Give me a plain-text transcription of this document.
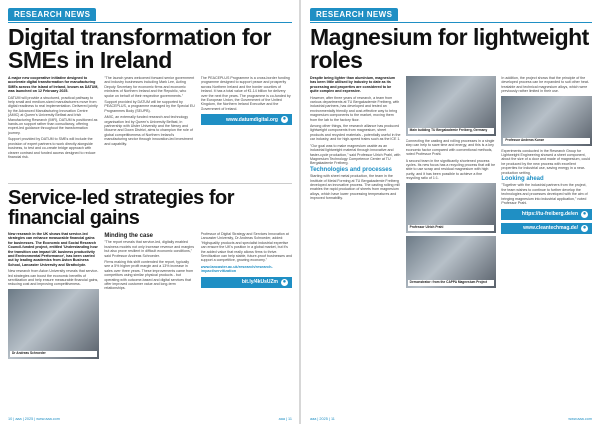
RESEARCH NEWS
Digital transformation for SMEs in Ireland

A major new cooperative initiative designed to accelerate digital transformation for manufacturing SMEs across the island of Ireland, known as DATUM, was launched on 12 February 2025.

DATUM will provide a structured, practical pathway to help small and medium-sized manufacturers move from digital readiness to real implementation. Delivered jointly by the Advanced Manufacturing Innovation Centre (AMIC) at Queen's University Belfast and Irish Manufacturing Research (IMR), DATUM is positioned as hands-on support rather than consultancy, offering expert-led guidance throughout the transformation journey.

Support provided by DATUM to SMEs will include the provision of expert partners to work directly alongside business, to test and co-create bridge approach with clearer contrast and funded access designed to reduce financial risk.

"The launch years welcomed forward senior government and industry businesses including Mark Lee, Acting Deputy Secretary for economic firms and economic ministers of Northern Ireland and the Republic, who spoke on behalf of their respective governments."

Support provided by DATUM will be supported by PEACEPLUS, a programme managed by the Special EU Programmes Body (SEUPB).

AMIC, an externally funded research and technology organisation led by Queen's University Belfast, in partnership with Ulster University and the Newry and Mourne and Down District, aims to champion the role of global competitiveness of Northern Ireland's manufacturing sector through innovation-led investment and capability.

The PEACEPLUS Programme is a cross-border funding programme designed to support peace and prosperity across Northern Ireland and the border counties of Ireland. It has a total value of €1.14 billion for delivery over the next five years. The programme is co-funded by the European Union, the Government of the United Kingdom, the Northern Ireland Executive and the Government of Ireland.

www.datumdigital.org ●
Service-led strategies for financial gains

New research in the UK shows that service-led strategies can enhance measurable financial gains for businesses. The Economic and Social Research Council-funded project, entitled 'Understanding how the transition can impact UK business productivity and Environmental Performance', has been carried out by leading academics from Aston Business School, Lancaster University and Strathclyde.

New research from Aston University reveals that service-led strategies can boost the economic benefits of servitization and help ensure measurable financial gains, reducing cost and improving competitiveness.

Dr Andreas Schroeder
Minding the case

"The report reveals that service-led, digitally enabled business models not only increase revenue and margins but also prove resilient in difficult economic conditions," said Professor Andreas Schroeder.

Firms making this shift contended the report, typically see a 5% higher profit margin and a 13% increase in sales over three years. These improvements came from competitors using similar physical products - but operating with outcome-based and digital services that offer improved customer value and long-term relationships.

Professor of Digital Strategy and Services Innovation at Lancaster University, Dr Andreas Schroeder, added: "Highquality products and specialist industrial expertise can ensure the UK's position in a global market, but it's the added value that really allows firms to thrive. Servitization can help stable, future-proof businesses and support a competitive, growing economy."

www.lancaster.ac.uk/research/research-impact/servitization

bit.ly/4kUsUZm ●
10 | aaa | 2025 | www.aaa.com	aaa | 11
RESEARCH NEWS
Magnesium for lightweight roles

Despite being lighter than aluminium, magnesium has been little utilised by industry to date as its processing and properties are considered to be quite complex and expensive.

However, after three years of research, a team from various departments at TU Bergakademie Freiberg, with industrial partners, has developed and tested an environmentally friendly and cost-effective way to bring magnesium components to the market, moving them from the lab to the factory floor.

Among other things, the research alliance has produced lightweight components from magnesium, sheet products and recycled materials - potentially useful in the car industry, and for high-speed trains such as the ICE 1.

"Our goal was to make magnesium usable as an industrial lightweight material through innovative and faster-cycle production," said Professor Ulrich Prahl, with Magnesium Technology Competence Center at TU Bergakademie Freiberg.

Technologies and processes

Starting with sheet metal production, the team in the Institute of Metal Forming at TU Bergakademie Freiberg developed an innovative process. The casting rolling mill enables the rapid production of sheets from magnesium alloys, which have lower processing temperatures and improved formability.

Main building TU Bergakademie Freiberg, Germany

Connecting the casting and rolling processes in a single step can help to save time and energy, and this is a key economic factor compared with conventional methods, noted Professor Prahl.

A second team in the significantly shortened process cycles. Its new focus has a recycling process that will be able to use scrap and residual magnesium with high purity, and it has been possible to achieve a fine recycling ratio of 1:1.

Professor Ulrich Prahl
Demonstrator: from the CAPPA Magnesium Project

In addition, the project shows that the principle of the developed process can be expanded to suit other heat-treatable and technical magnesium alloys, which were previously rather limited in their use.

Professor Andreas Kunze

Experiments conducted in the Research Group for Lightweight Engineering showed a sheet component, about the size of a door and made of magnesium, could be produced by the new process with excellent properties for industrial use, saving energy in a near-production setting.

Looking ahead

"Together with the industrial partners from the project, the team wishes to continue to further develop the technologies and processes developed with the aim of bringing magnesium into industrial application," noted Professor Prahl.

https://tu-freiberg.de/en ●
www.cleantechmag.de/ ●
aaa | 2025 | 11	www.aaa.com
